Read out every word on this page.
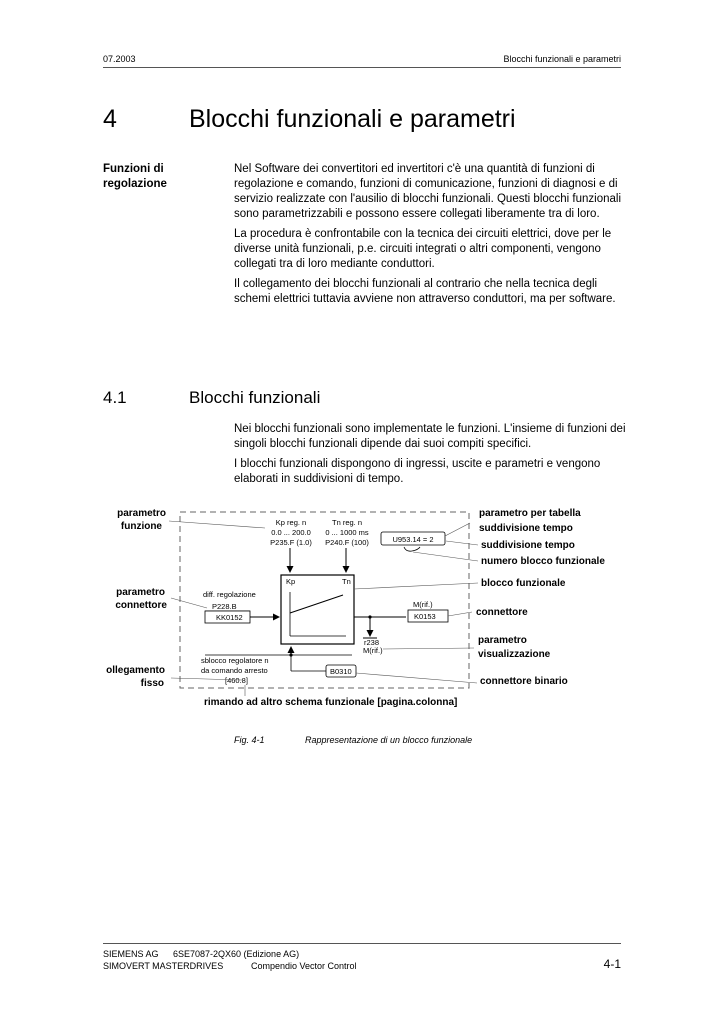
07.2003	Blocchi funzionali e parametri
4	Blocchi funzionali e parametri
Funzioni di
regolazione

Nel Software dei convertitori ed invertitori c'è una quantità di funzioni di regolazione e comando, funzioni di comunicazione, funzioni di diagnosi e di servizio realizzate con l'ausilio di blocchi funzionali. Questi blocchi funzionali sono parametrizzabili e possono essere collegati liberamente tra di loro.

La procedura è confrontabile con la tecnica dei circuiti elettrici, dove per le diverse unità funzionali, p.e. circuiti integrati o altri componenti, vengono collegati tra di loro mediante conduttori.

Il collegamento dei blocchi funzionali al contrario che nella tecnica degli schemi elettrici tuttavia avviene non attraverso conduttori, ma per software.

4.1	Blocchi funzionali

Nei blocchi funzionali sono implementate le funzioni. L'insieme di funzioni dei singoli blocchi funzionali dipende dai suoi compiti specifici.

I blocchi funzionali dispongono di ingressi, uscite e parametri e vengono elaborati in suddivisioni di tempo.

parametro
funzione
parametro
connettore
ollegamento
fisso
parametro per tabella
suddivisione tempo
suddivisione tempo
numero blocco funzionale
blocco funzionale
connettore
parametro
visualizzazione
connettore binario
rimando ad altro schema funzionale [pagina.colonna]
Kp reg. n
0.0 ... 200.0
P235.F (1.0)
Tn reg. n
0 ... 1000 ms
P240.F (100)	U953.14 = 2
Kp	Tn
diff. regolazione
P228.B
KK0152
M(rif.)
K0153
r238
M(rif.)
sblocco regolatore n
da comando arresto
[460.8]
B0310
Fig. 4-1	Rappresentazione di un blocco funzionale
SIEMENS AG 6SE7087-2QX60 (Edizione AG)
SIMOVERT MASTERDRIVES	Compendio Vector Control	4-1
